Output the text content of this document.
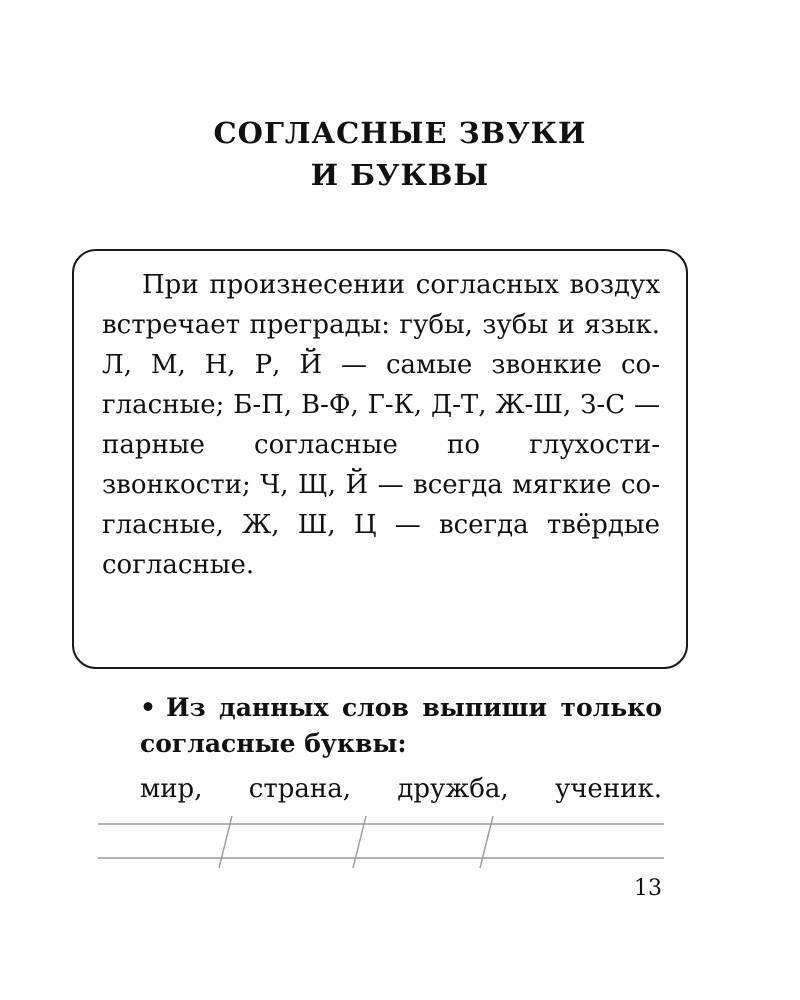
СОГЛАСНЫЕ ЗВУКИ
И БУКВЫ

При произнесении согласных воздух встречает преграды: губы, зубы и язык. Л, М, Н, Р, Й — самые звонкие согласные; Б-П, В-Ф, Г-К, Д-Т, Ж-Ш, З-С — парные согласные по глухости-звонкости; Ч, Щ, Й — всегда мягкие согласные, Ж, Ш, Ц — всегда твёрдые согласные.

• Из данных слов выпиши только согласные буквы:

мир, страна, дружба, ученик.

13
